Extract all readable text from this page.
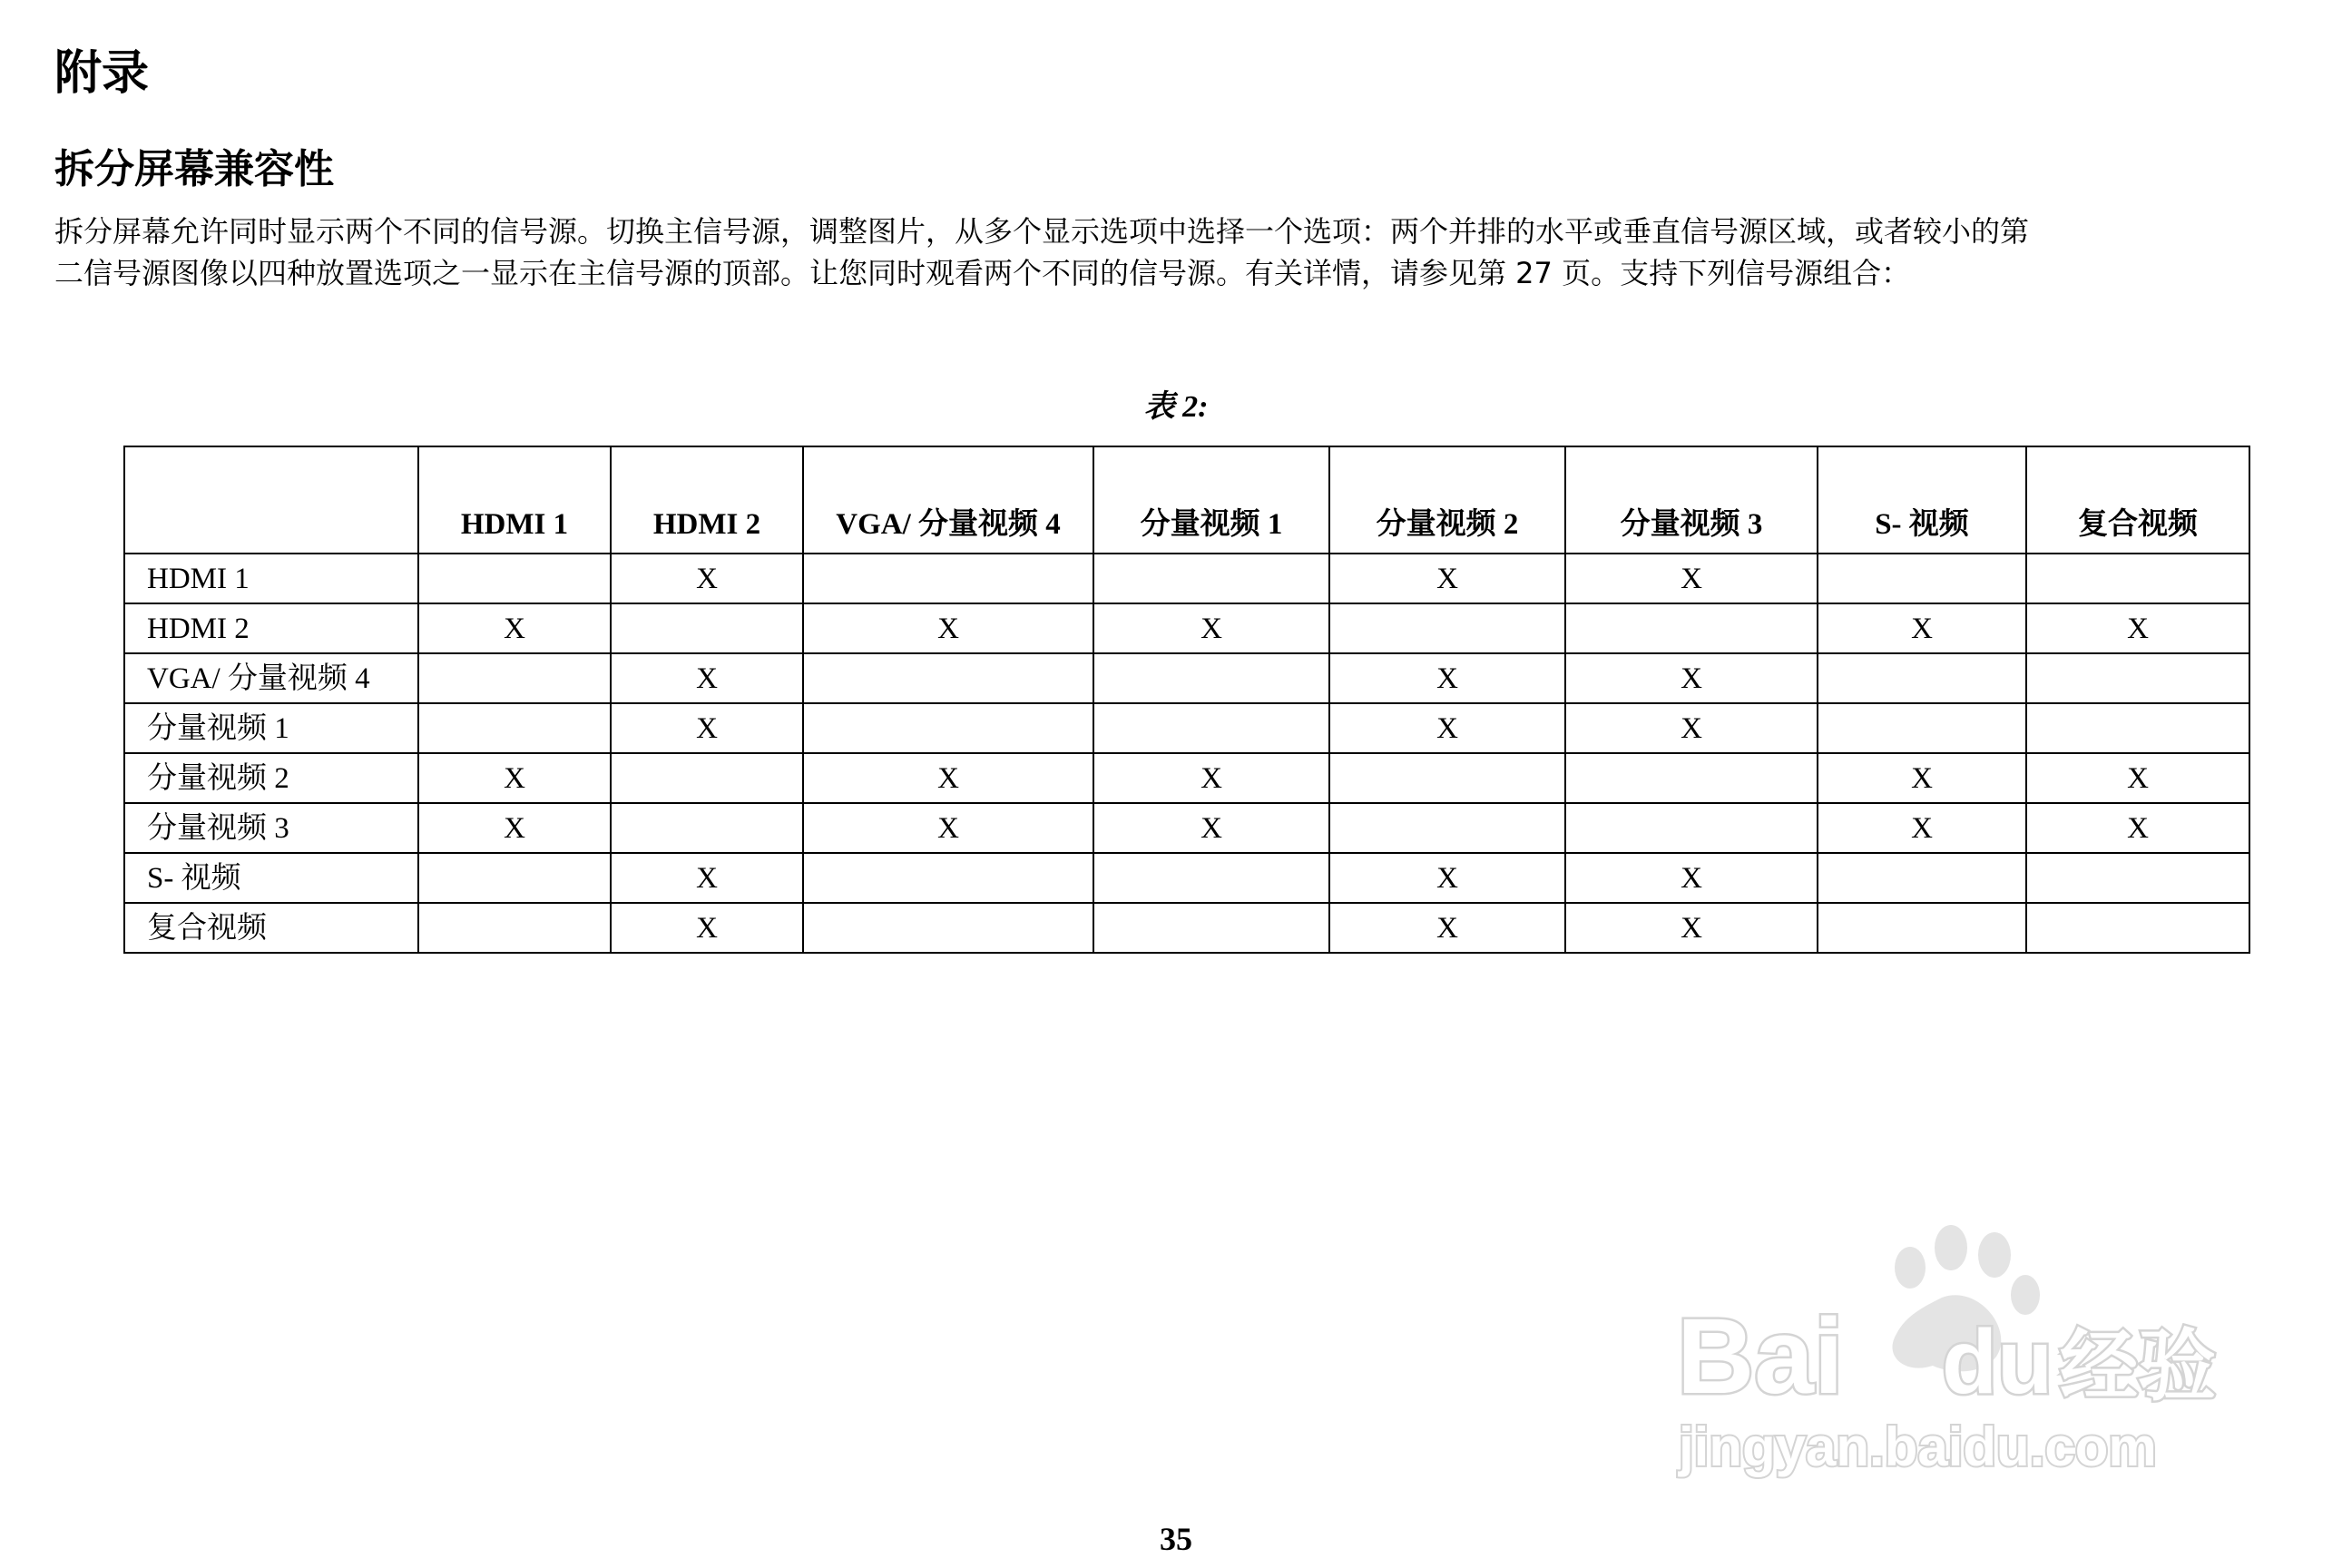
附录
拆分屏幕兼容性
拆分屏幕允许同时显示两个不同的信号源。切换主信号源，调整图片，从多个显示选项中选择一个选项：两个并排的水平或垂直信号源区域，或者较小的第
二信号源图像以四种放置选项之一显示在主信号源的顶部。让您同时观看两个不同的信号源。有关详情，请参见第 27 页。支持下列信号源组合：
表 2:
	HDMI 1	HDMI 2	VGA/ 分量视频 4	分量视频 1	分量视频 2	分量视频 3	S- 视频	复合视频
HDMI 1		X			X	X		
HDMI 2	X		X	X			X	X
VGA/ 分量视频 4		X			X	X		
分量视频 1		X			X	X		
分量视频 2	X		X	X			X	X
分量视频 3	X		X	X			X	X
S- 视频		X			X	X		
复合视频		X			X	X		
Bai du 经验
jingyan.baidu.com
35
